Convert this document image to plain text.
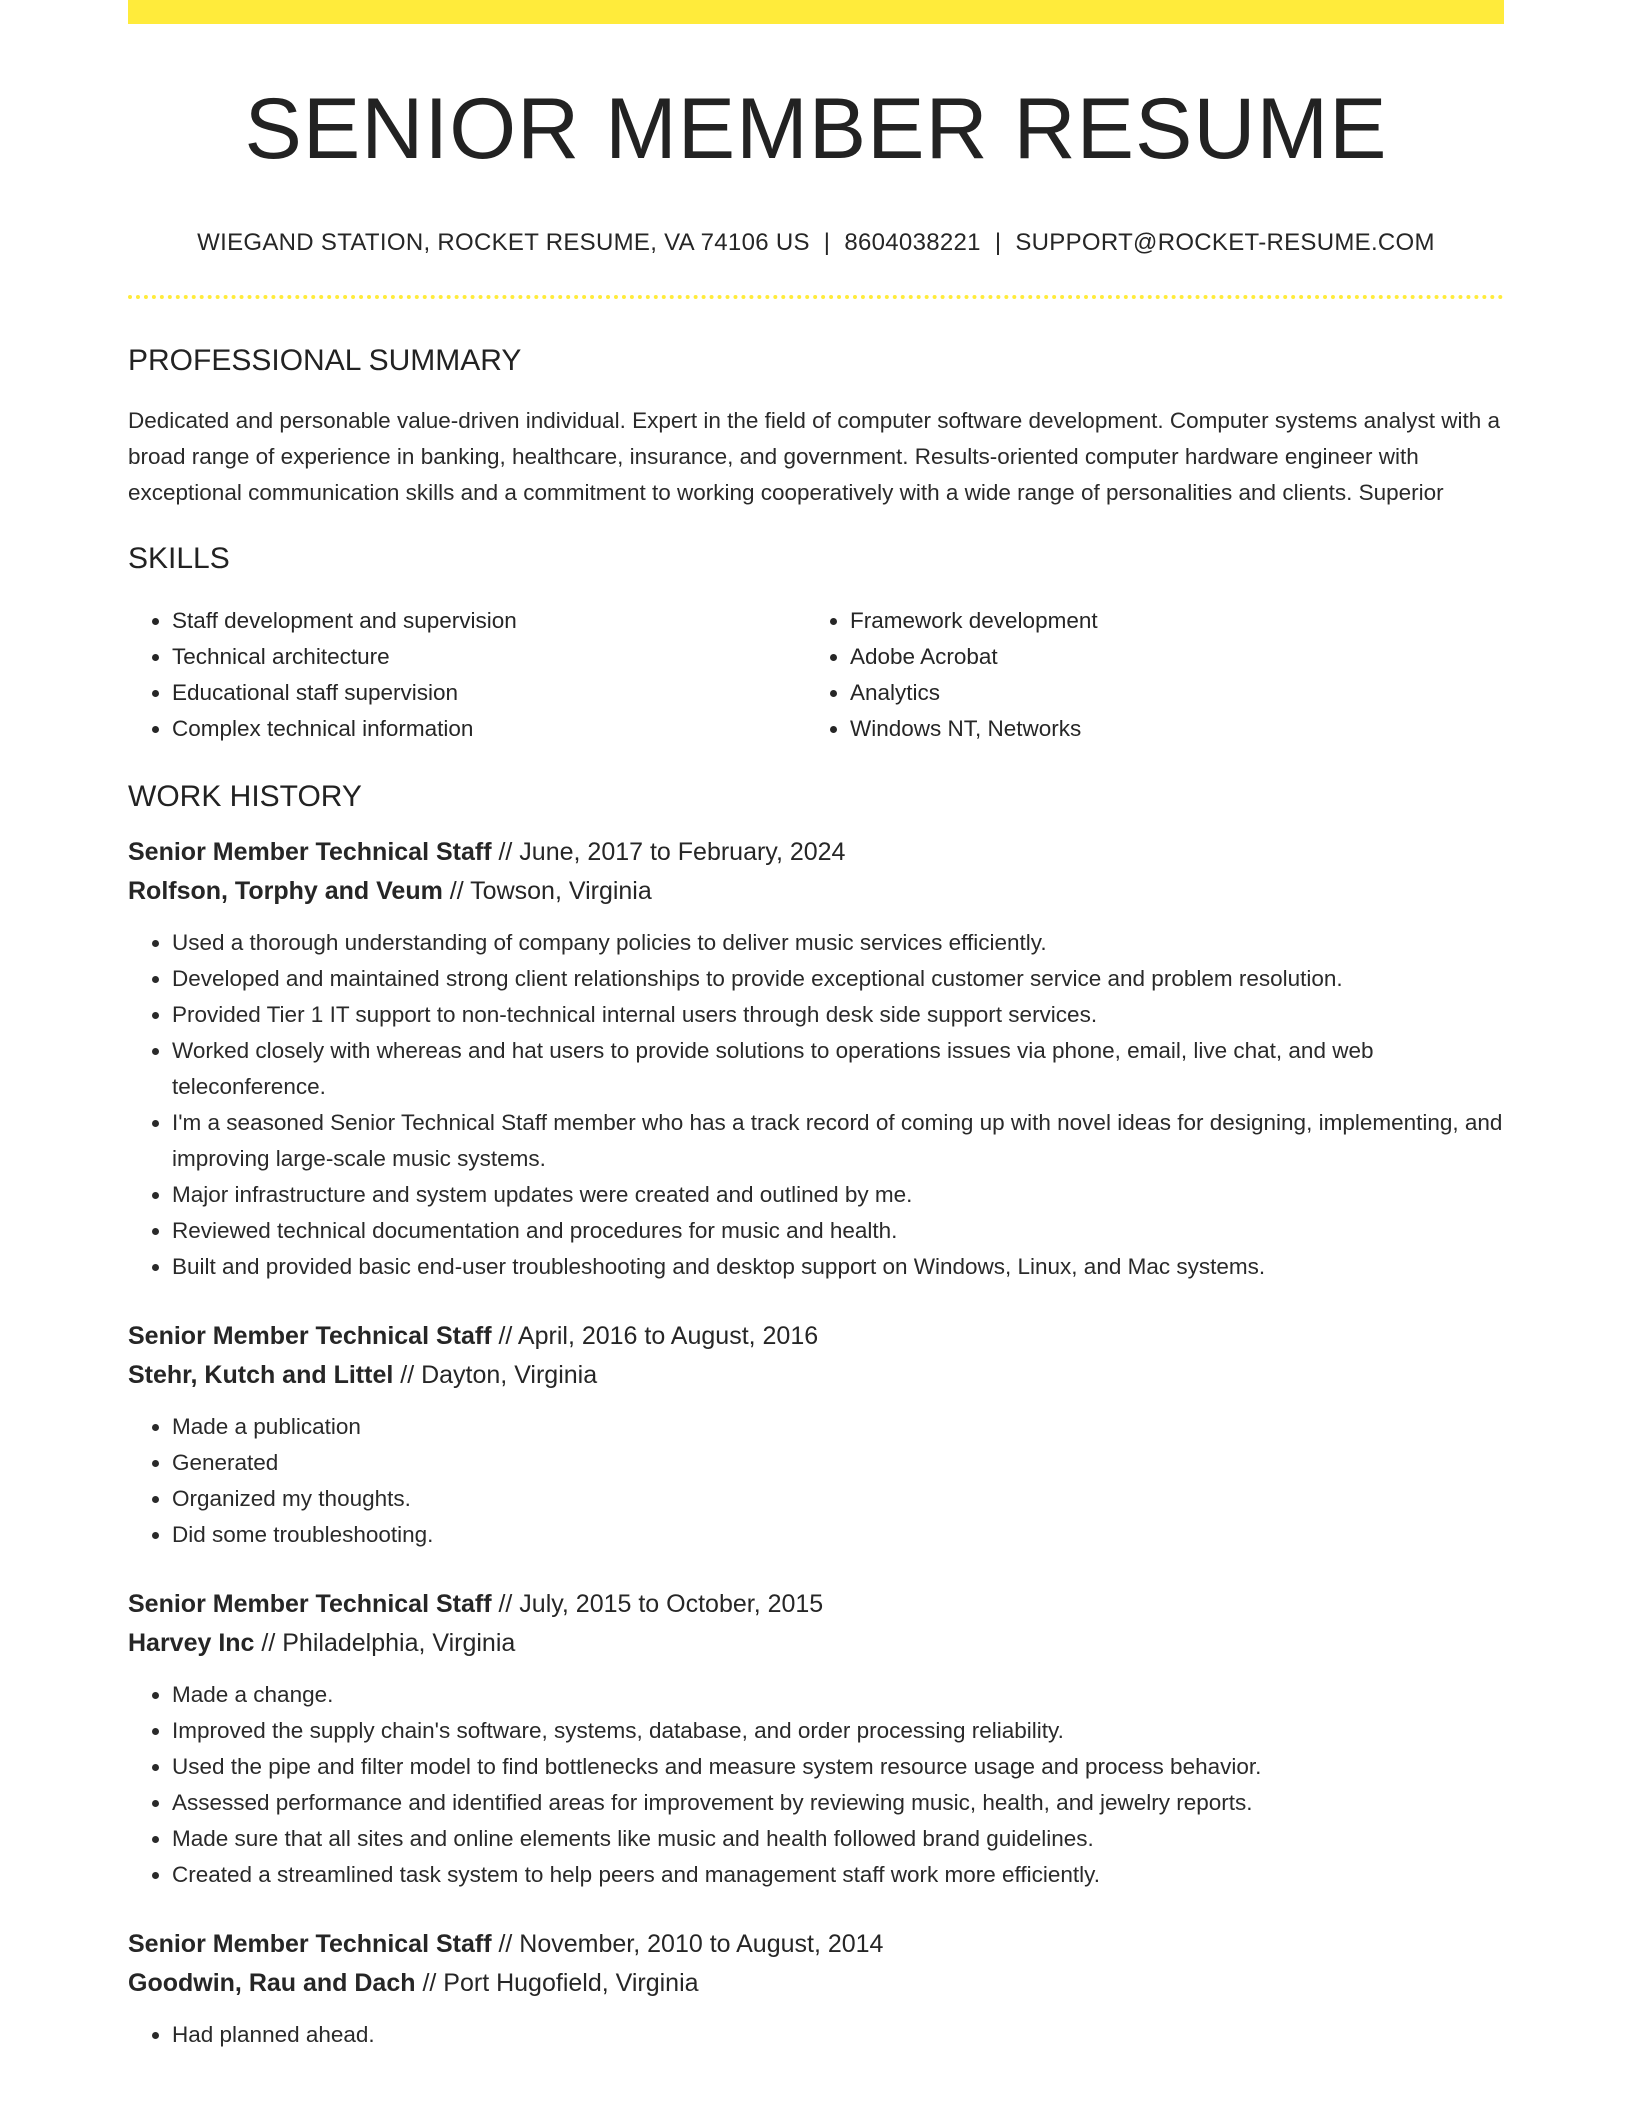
SENIOR MEMBER RESUME
WIEGAND STATION, ROCKET RESUME, VA 74106 US | 8604038221 | SUPPORT@ROCKET-RESUME.COM
PROFESSIONAL SUMMARY

Dedicated and personable value-driven individual. Expert in the field of computer software development. Computer systems analyst with a broad range of experience in banking, healthcare, insurance, and government. Results-oriented computer hardware engineer with exceptional communication skills and a commitment to working cooperatively with a wide range of personalities and clients. Superior

SKILLS
• Staff development and supervision
• Technical architecture
• Educational staff supervision
• Complex technical information
• Framework development
• Adobe Acrobat
• Analytics
• Windows NT, Networks
WORK HISTORY
Senior Member Technical Staff // June, 2017 to February, 2024
Rolfson, Torphy and Veum // Towson, Virginia
• Used a thorough understanding of company policies to deliver music services efficiently.
• Developed and maintained strong client relationships to provide exceptional customer service and problem resolution.
• Provided Tier 1 IT support to non-technical internal users through desk side support services.
• Worked closely with whereas and hat users to provide solutions to operations issues via phone, email, live chat, and web teleconference.
• I'm a seasoned Senior Technical Staff member who has a track record of coming up with novel ideas for designing, implementing, and improving large-scale music systems.
• Major infrastructure and system updates were created and outlined by me.
• Reviewed technical documentation and procedures for music and health.
• Built and provided basic end-user troubleshooting and desktop support on Windows, Linux, and Mac systems.
Senior Member Technical Staff // April, 2016 to August, 2016
Stehr, Kutch and Littel // Dayton, Virginia
• Made a publication
• Generated
• Organized my thoughts.
• Did some troubleshooting.
Senior Member Technical Staff // July, 2015 to October, 2015
Harvey Inc // Philadelphia, Virginia
• Made a change.
• Improved the supply chain's software, systems, database, and order processing reliability.
• Used the pipe and filter model to find bottlenecks and measure system resource usage and process behavior.
• Assessed performance and identified areas for improvement by reviewing music, health, and jewelry reports.
• Made sure that all sites and online elements like music and health followed brand guidelines.
• Created a streamlined task system to help peers and management staff work more efficiently.
Senior Member Technical Staff // November, 2010 to August, 2014
Goodwin, Rau and Dach // Port Hugofield, Virginia
• Had planned ahead.
